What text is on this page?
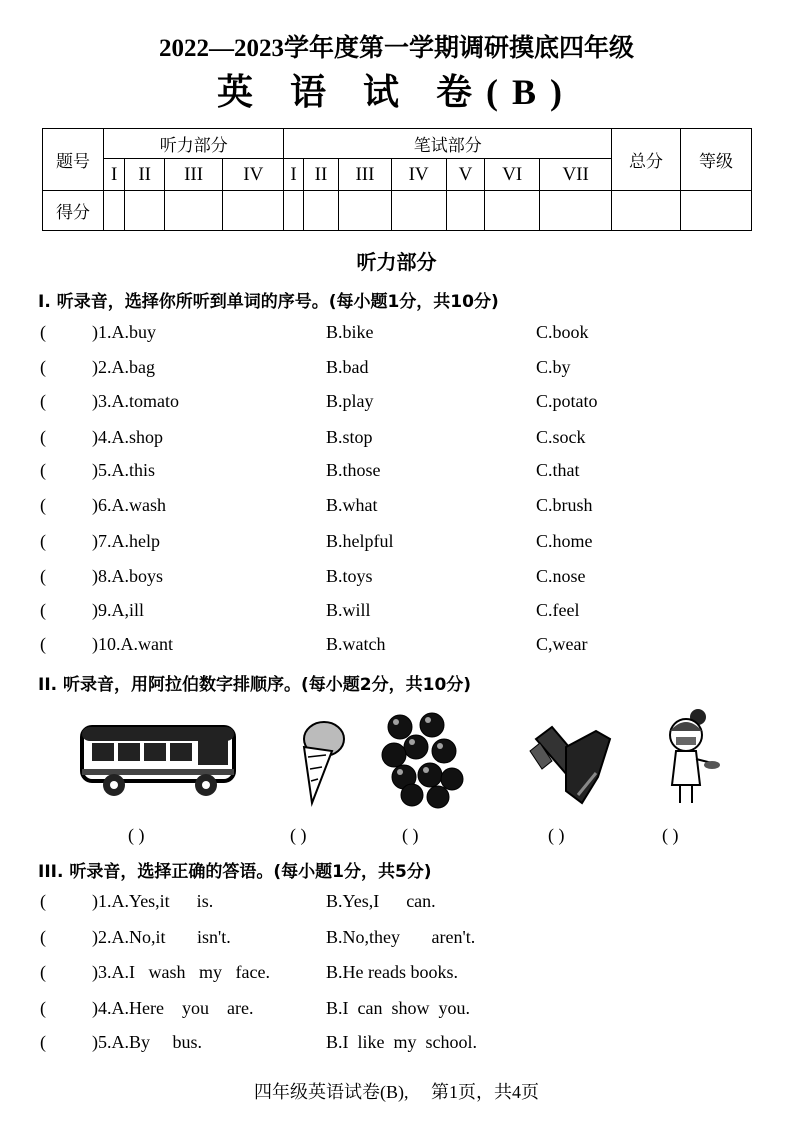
2022—2023学年度第一学期调研摸底四年级
英 语 试 卷(B)
题号	听力部分				笔试部分							总分	等级
	I	II	III	IV	I	II	III	IV	V	VI	VII		
得分													
听力部分
I. 听录音，选择你所听到单词的序号。(每小题1分，共10分)
(	)1.A.buy	B.bike	C.book
(	)2.A.bag	B.bad	C.by
(	)3.A.tomato	B.play	C.potato
(	)4.A.shop	B.stop	C.sock
(	)5.A.this	B.those	C.that
(	)6.A.wash	B.what	C.brush
(	)7.A.help	B.helpful	C.home
(	)8.A.boys	B.toys	C.nose
(	)9.A,ill	B.will	C.feel
(	)10.A.want	B.watch	C,wear
II. 听录音，用阿拉伯数字排顺序。(每小题2分，共10分)
( )	( )	( )	( )	( )
III. 听录音，选择正确的答语。(每小题1分，共5分)
(	)1.A.Yes,it      is.	B.Yes,I      can.
(	)2.A.No,it       isn't.	B.No,they       aren't.
(	)3.A.I   wash   my   face.	B.He reads books.
(	)4.A.Here    you    are.	B.I  can  show  you.
(	)5.A.By     bus.	B.I  like  my  school.
四年级英语试卷(B),     第1页，共4页
